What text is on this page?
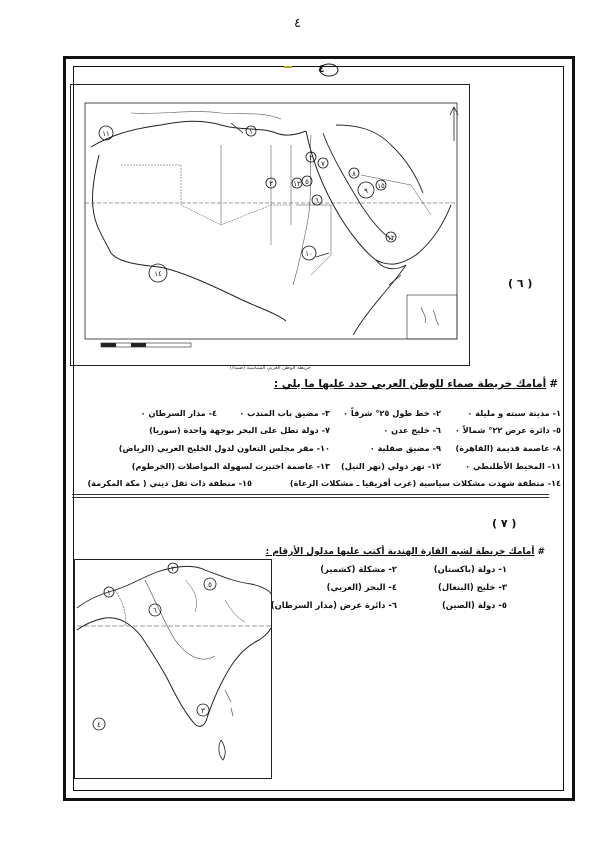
٤
٤
١١
١٤
١
٣
٢
٥
٦
٧
٨
٩
١٠
١٢
١٣	١٥
خريطة الوطن العربي السياسية (صماء)
( ٦ )
#أمامك خريطة صماء للوطن العربي حدد عليها ما يلي :
١- مدينة سبته و مليلة ٠
٢- خط طول ٢٥° شرقاً ٠
٣- مضيق باب المندب ٠
٤- مدار السرطان ٠
٥- دائرة عرض ٢٢° شمالاً ٠
٦- خليج عدن ٠
٧- دولة تطل على البحر بوجهة واحدة (سوريا)
٨- عاصمة قديمة (القاهرة)
٩- مضيق صقلية ٠
١٠- مقر مجلس التعاون لدول الخليج العربي (الرياض)
١١- المحيط الأطلنطي ٠
١٢- نهر دولي (نهر النيل)
١٣- عاصمة اختيرت لسهولة المواصلات (الخرطوم)
١٤- منطقة شهدت مشكلات سياسية (غرب أفريقيا ـ مشكلات الرعاة)
١٥- منطقة ذات ثقل ديني ( مكة المكرمة)
( ٧ )
#أمامك خريطة لشبه القارة الهندية أكتب عليها مدلول الأرقام :
١- دولة (باكستان)
٢- مشكلة (كشمير)
٣- خليج (البنغال)
٤- البحر (العربي)
٥- دولة (الصين)
٦- دائرة عرض (مدار السرطان)
٢
٥
١
٦
٣
٤
